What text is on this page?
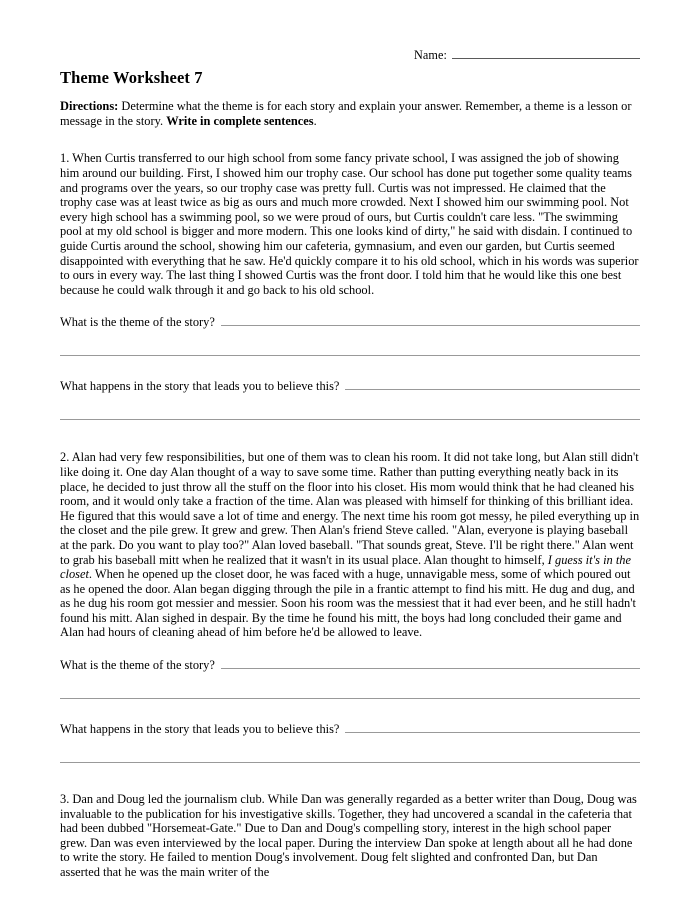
Name:
Theme Worksheet 7

Directions: Determine what the theme is for each story and explain your answer. Remember, a theme is a lesson or message in the story. Write in complete sentences.

1. When Curtis transferred to our high school from some fancy private school, I was assigned the job of showing him around our building. First, I showed him our trophy case. Our school has done put together some quality teams and programs over the years, so our trophy case was pretty full. Curtis was not impressed. He claimed that the trophy case was at least twice as big as ours and much more crowded. Next I showed him our swimming pool. Not every high school has a swimming pool, so we were proud of ours, but Curtis couldn't care less. "The swimming pool at my old school is bigger and more modern. This one looks kind of dirty," he said with disdain. I continued to guide Curtis around the school, showing him our cafeteria, gymnasium, and even our garden, but Curtis seemed disappointed with everything that he saw. He'd quickly compare it to his old school, which in his words was superior to ours in every way. The last thing I showed Curtis was the front door. I told him that he would like this one best because he could walk through it and go back to his old school.

What is the theme of the story?
What happens in the story that leads you to believe this?

2. Alan had very few responsibilities, but one of them was to clean his room. It did not take long, but Alan still didn't like doing it. One day Alan thought of a way to save some time. Rather than putting everything neatly back in its place, he decided to just throw all the stuff on the floor into his closet. His mom would think that he had cleaned his room, and it would only take a fraction of the time. Alan was pleased with himself for thinking of this brilliant idea. He figured that this would save a lot of time and energy. The next time his room got messy, he piled everything up in the closet and the pile grew. It grew and grew. Then Alan's friend Steve called. "Alan, everyone is playing baseball at the park. Do you want to play too?" Alan loved baseball. "That sounds great, Steve. I'll be right there." Alan went to grab his baseball mitt when he realized that it wasn't in its usual place. Alan thought to himself, I guess it's in the closet. When he opened up the closet door, he was faced with a huge, unnavigable mess, some of which poured out as he opened the door. Alan began digging through the pile in a frantic attempt to find his mitt. He dug and dug, and as he dug his room got messier and messier. Soon his room was the messiest that it had ever been, and he still hadn't found his mitt. Alan sighed in despair. By the time he found his mitt, the boys had long concluded their game and Alan had hours of cleaning ahead of him before he'd be allowed to leave.

What is the theme of the story?
What happens in the story that leads you to believe this?

3. Dan and Doug led the journalism club. While Dan was generally regarded as a better writer than Doug, Doug was invaluable to the publication for his investigative skills. Together, they had uncovered a scandal in the cafeteria that had been dubbed "Horsemeat-Gate." Due to Dan and Doug's compelling story, interest in the high school paper grew. Dan was even interviewed by the local paper. During the interview Dan spoke at length about all he had done to write the story. He failed to mention Doug's involvement. Doug felt slighted and confronted Dan, but Dan asserted that he was the main writer of the
